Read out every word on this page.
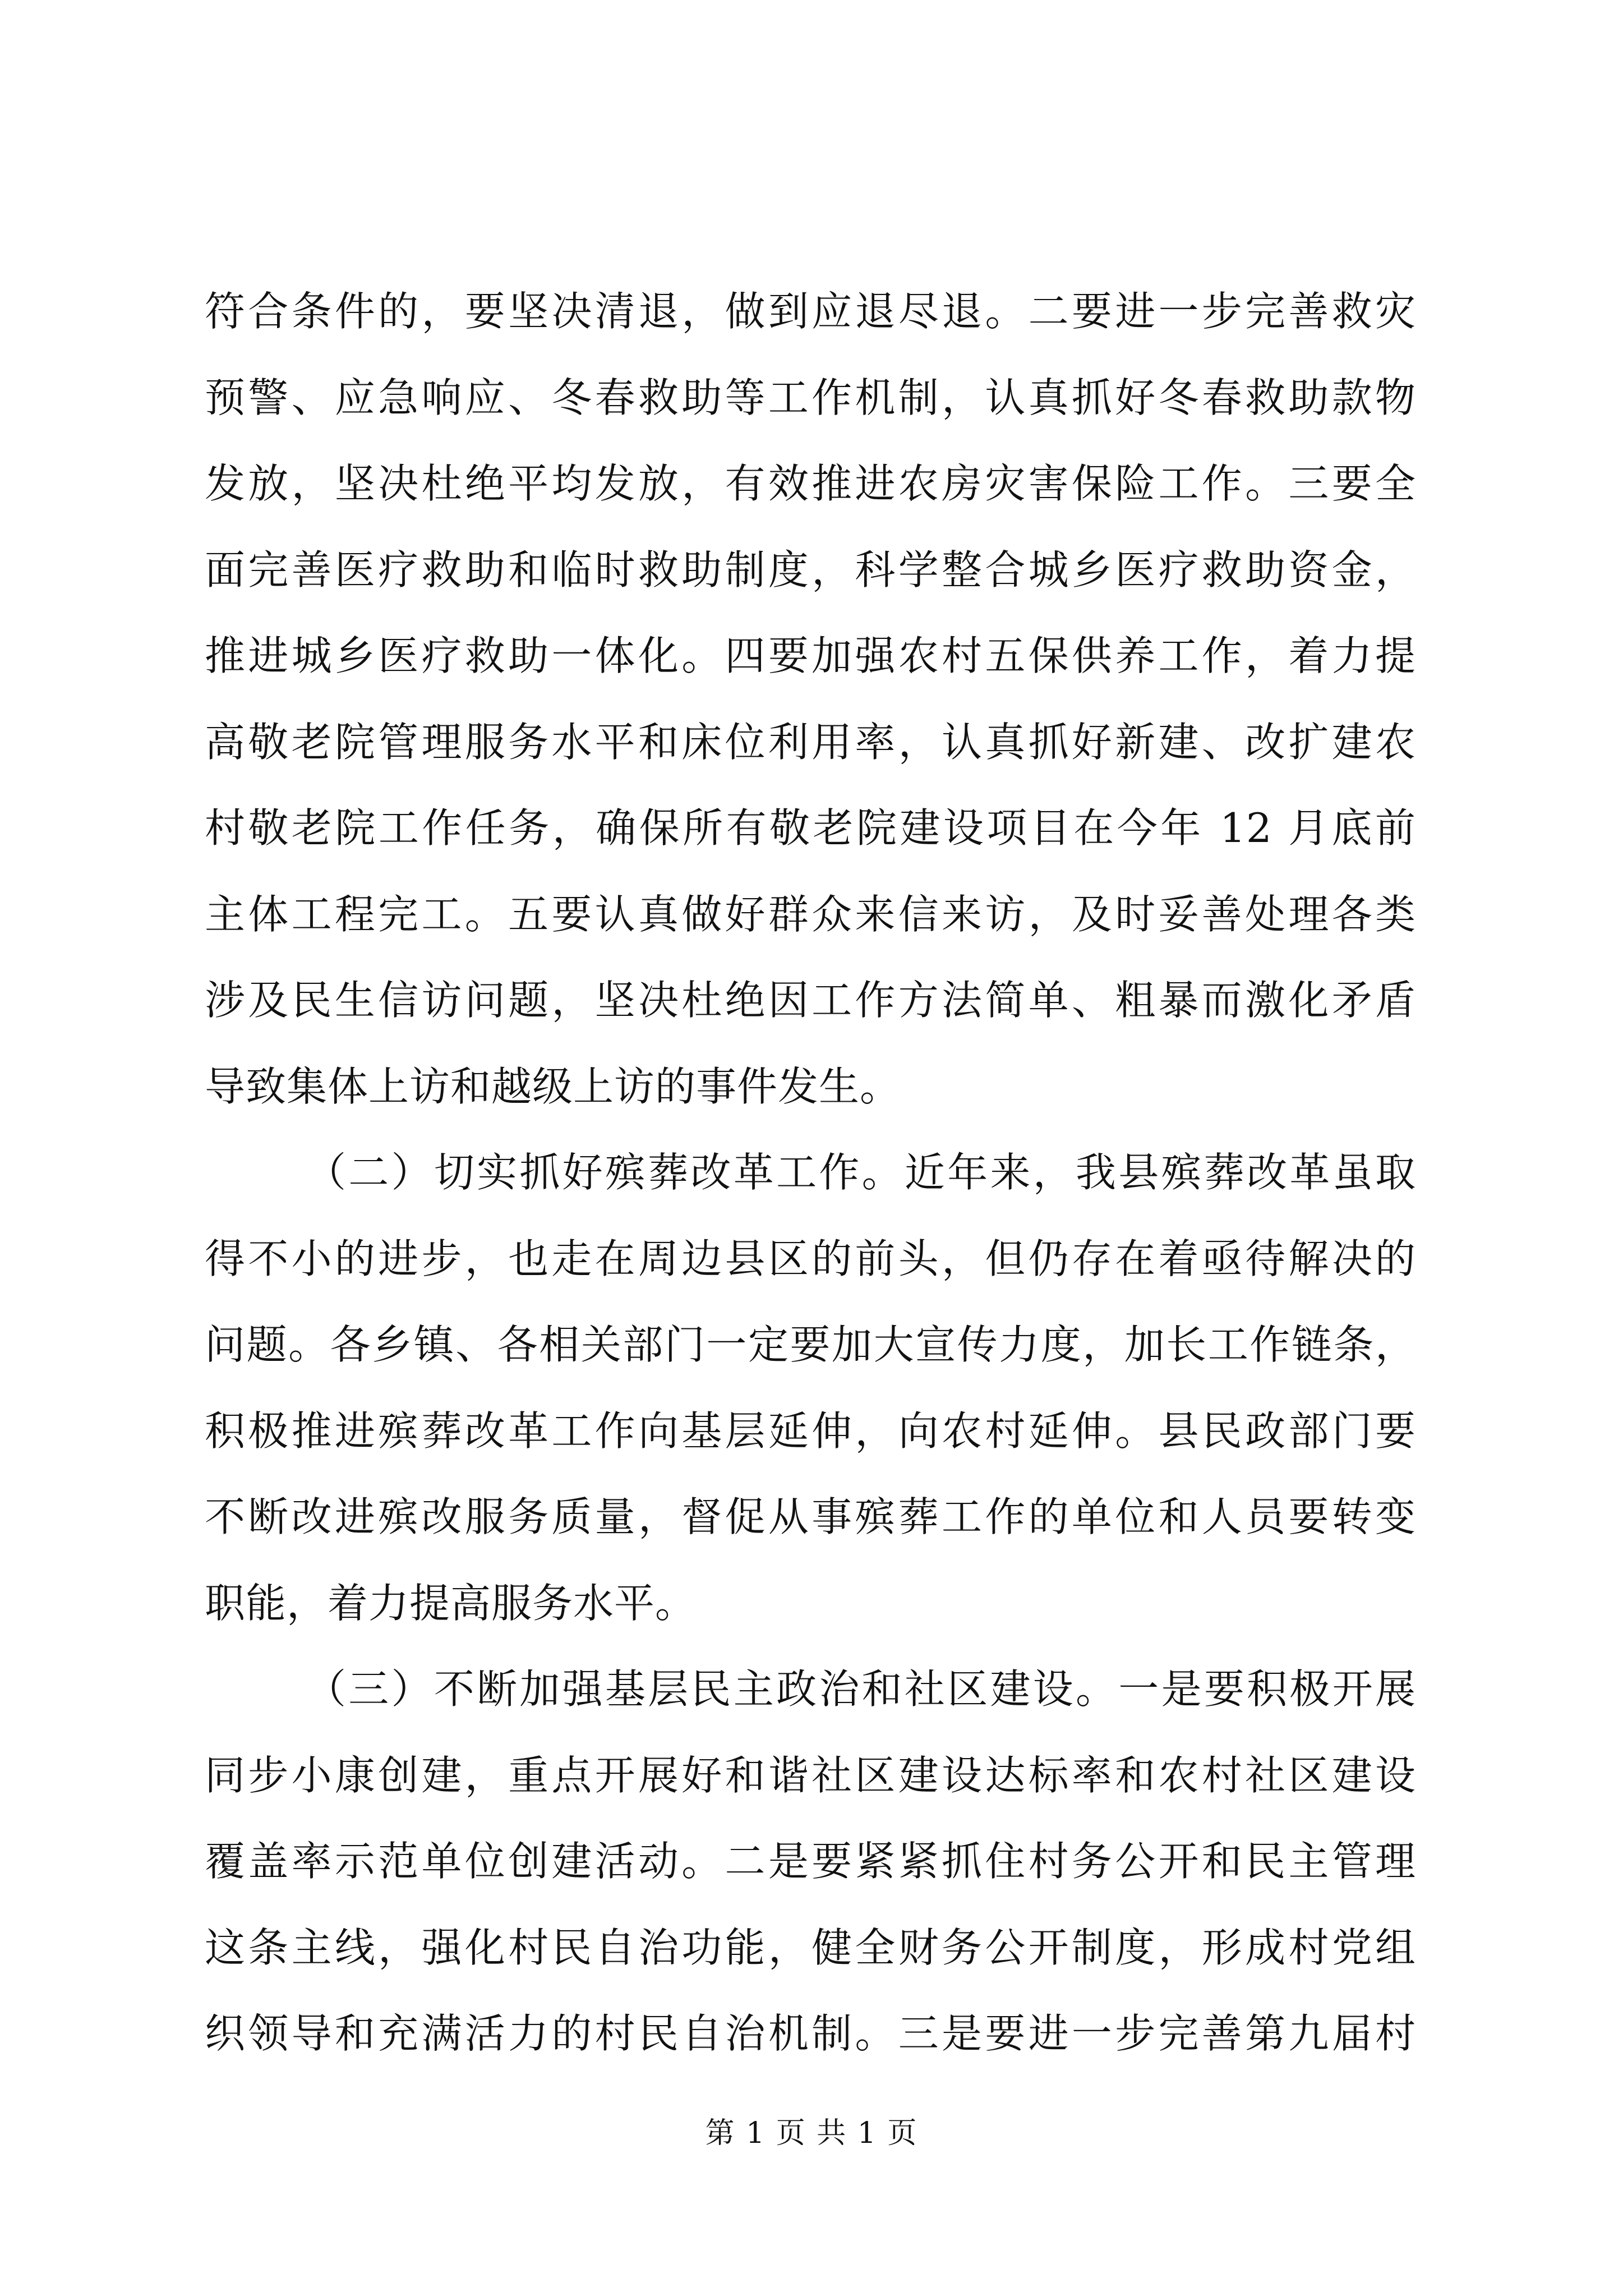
符合条件的，要坚决清退，做到应退尽退。二要进一步完善救灾
预警、应急响应、冬春救助等工作机制，认真抓好冬春救助款物
发放，坚决杜绝平均发放，有效推进农房灾害保险工作。三要全
面完善医疗救助和临时救助制度，科学整合城乡医疗救助资金，
推进城乡医疗救助一体化。四要加强农村五保供养工作，着力提
高敬老院管理服务水平和床位利用率，认真抓好新建、改扩建农
村敬老院工作任务，确保所有敬老院建设项目在今年 12 月底前
主体工程完工。五要认真做好群众来信来访，及时妥善处理各类
涉及民生信访问题，坚决杜绝因工作方法简单、粗暴而激化矛盾
导致集体上访和越级上访的事件发生。
（二）切实抓好殡葬改革工作。近年来，我县殡葬改革虽取
得不小的进步，也走在周边县区的前头，但仍存在着亟待解决的
问题。各乡镇、各相关部门一定要加大宣传力度，加长工作链条，
积极推进殡葬改革工作向基层延伸，向农村延伸。县民政部门要
不断改进殡改服务质量，督促从事殡葬工作的单位和人员要转变
职能，着力提高服务水平。
（三）不断加强基层民主政治和社区建设。一是要积极开展
同步小康创建，重点开展好和谐社区建设达标率和农村社区建设
覆盖率示范单位创建活动。二是要紧紧抓住村务公开和民主管理
这条主线，强化村民自治功能，健全财务公开制度，形成村党组
织领导和充满活力的村民自治机制。三是要进一步完善第九届村
第 1 页 共 1 页
